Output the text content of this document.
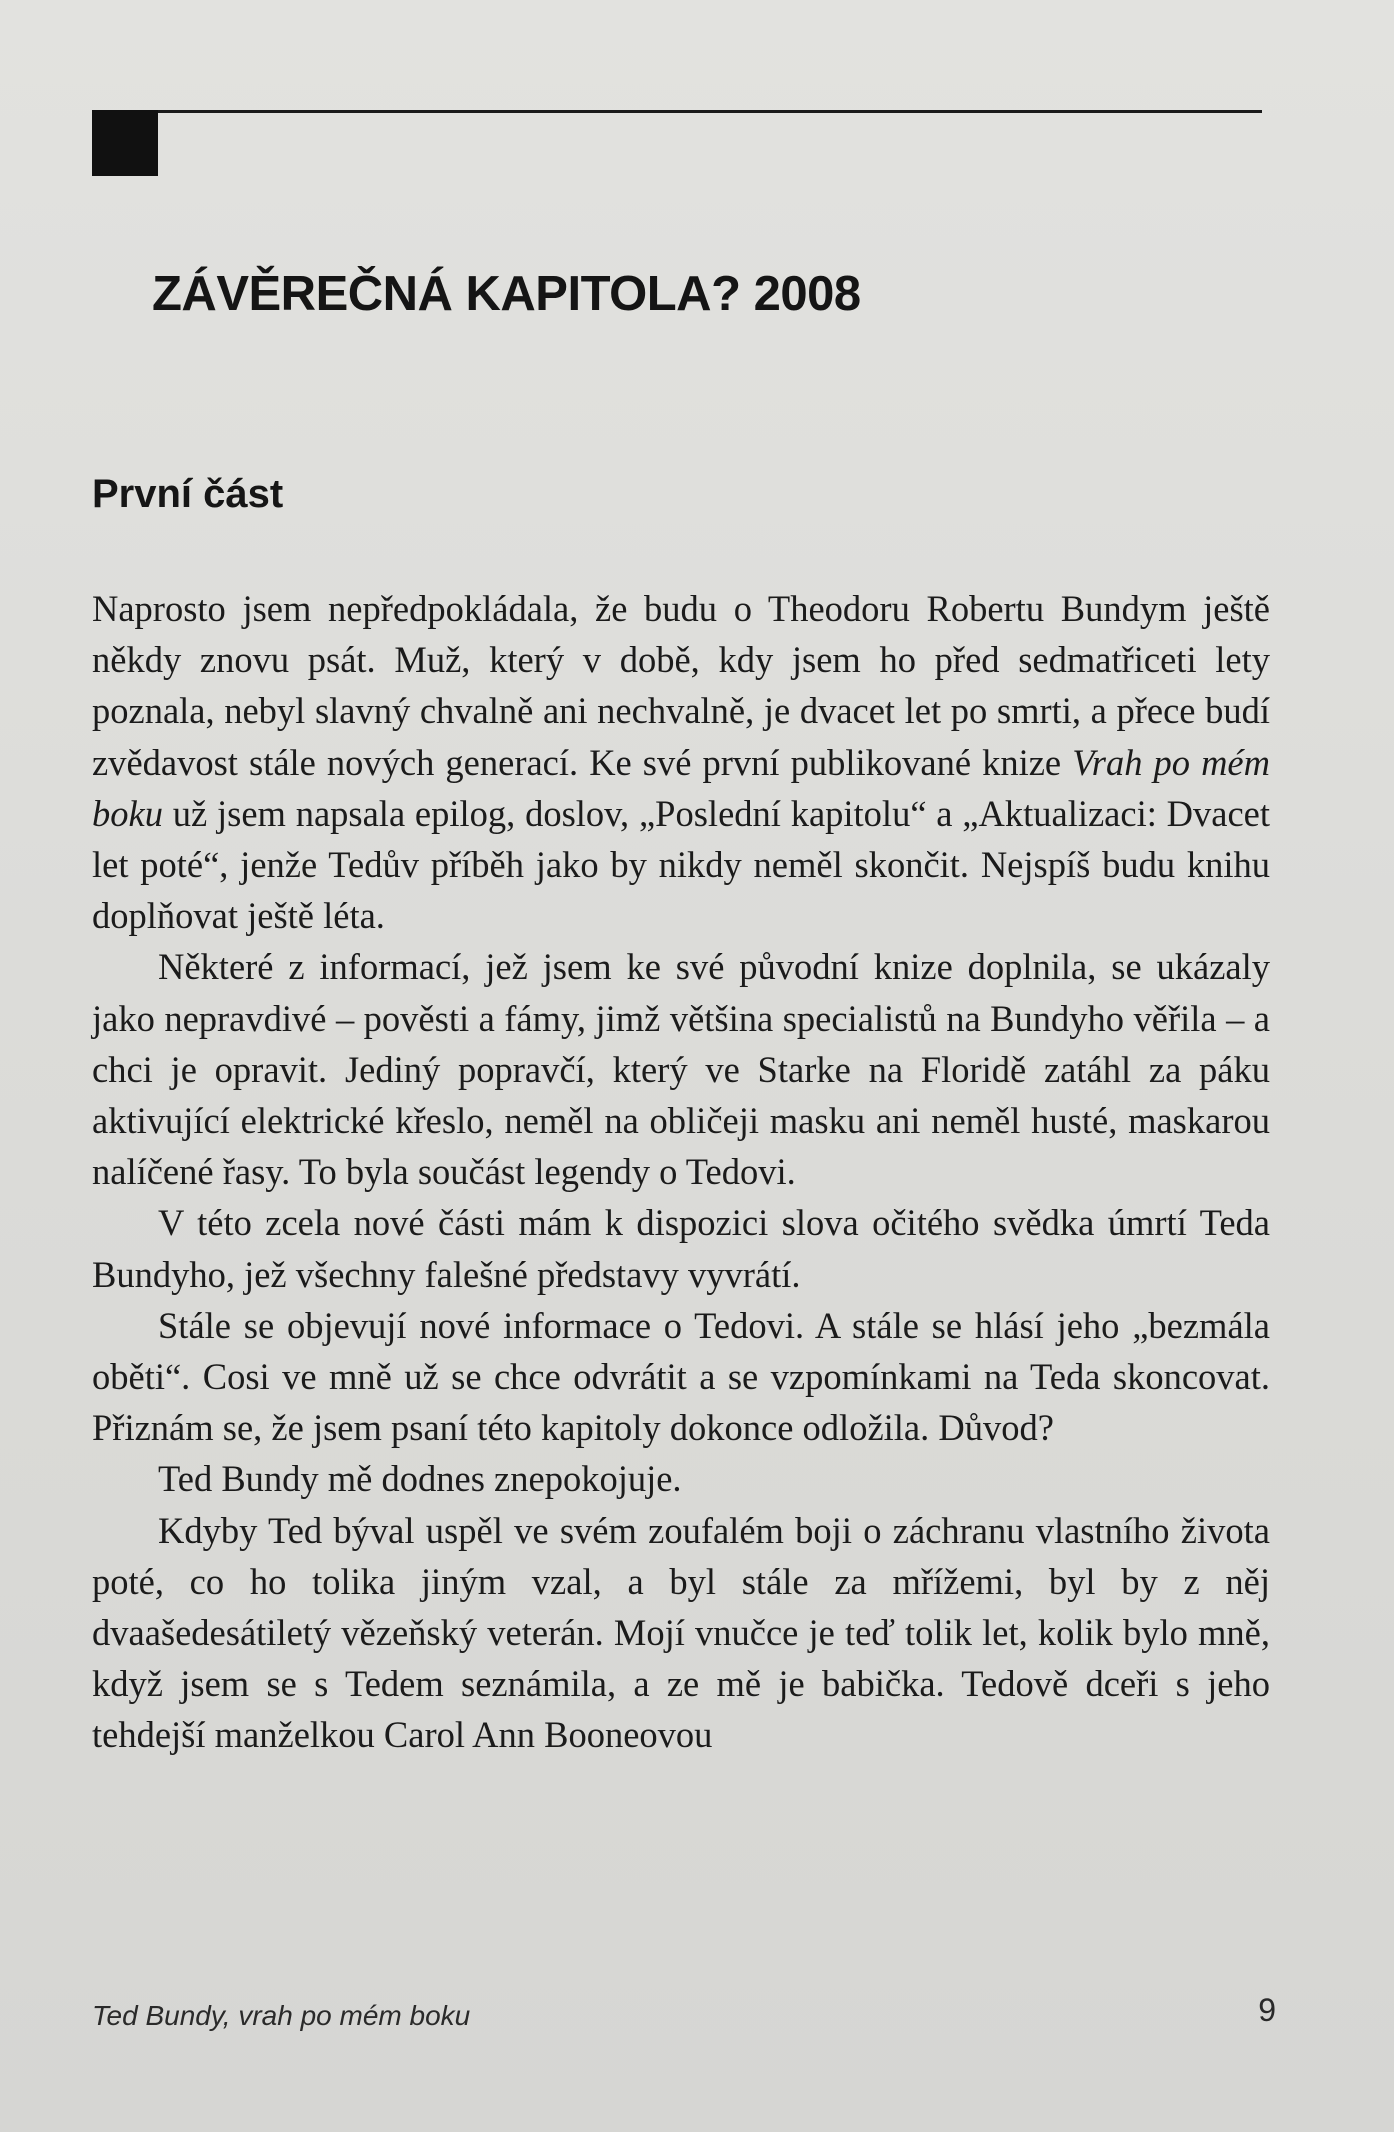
ZÁVĚREČNÁ KAPITOLA? 2008
První část

Naprosto jsem nepředpokládala, že budu o Theodoru Robertu Bundym ještě někdy znovu psát. Muž, který v době, kdy jsem ho před sedmatřiceti lety poznala, nebyl slavný chvalně ani nechvalně, je dvacet let po smrti, a přece budí zvědavost stále nových generací. Ke své první publikované knize Vrah po mém boku už jsem napsala epilog, doslov, „Poslední kapitolu“ a „Aktualizaci: Dvacet let poté“, jenže Tedův příběh jako by nikdy neměl skončit. Nejspíš budu knihu doplňovat ještě léta.

Některé z informací, jež jsem ke své původní knize doplnila, se ukázaly jako nepravdivé – pověsti a fámy, jimž většina specialistů na Bundyho věřila – a chci je opravit. Jediný popravčí, který ve Starke na Floridě zatáhl za páku aktivující elektrické křeslo, neměl na obličeji masku ani neměl husté, maskarou nalíčené řasy. To byla součást legendy o Tedovi.

V této zcela nové části mám k dispozici slova očitého svědka úmrtí Teda Bundyho, jež všechny falešné představy vyvrátí.

Stále se objevují nové informace o Tedovi. A stále se hlásí jeho „bezmála oběti“. Cosi ve mně už se chce odvrátit a se vzpomínkami na Teda skoncovat. Přiznám se, že jsem psaní této kapitoly dokonce odložila. Důvod?

Ted Bundy mě dodnes znepokojuje.

Kdyby Ted býval uspěl ve svém zoufalém boji o záchranu vlastního života poté, co ho tolika jiným vzal, a byl stále za mřížemi, byl by z něj dvaašedesátiletý vězeňský veterán. Mojí vnučce je teď tolik let, kolik bylo mně, když jsem se s Tedem seznámila, a ze mě je babička. Tedově dceři s jeho tehdejší manželkou Carol Ann Booneovou

Ted Bundy, vrah po mém boku	9
